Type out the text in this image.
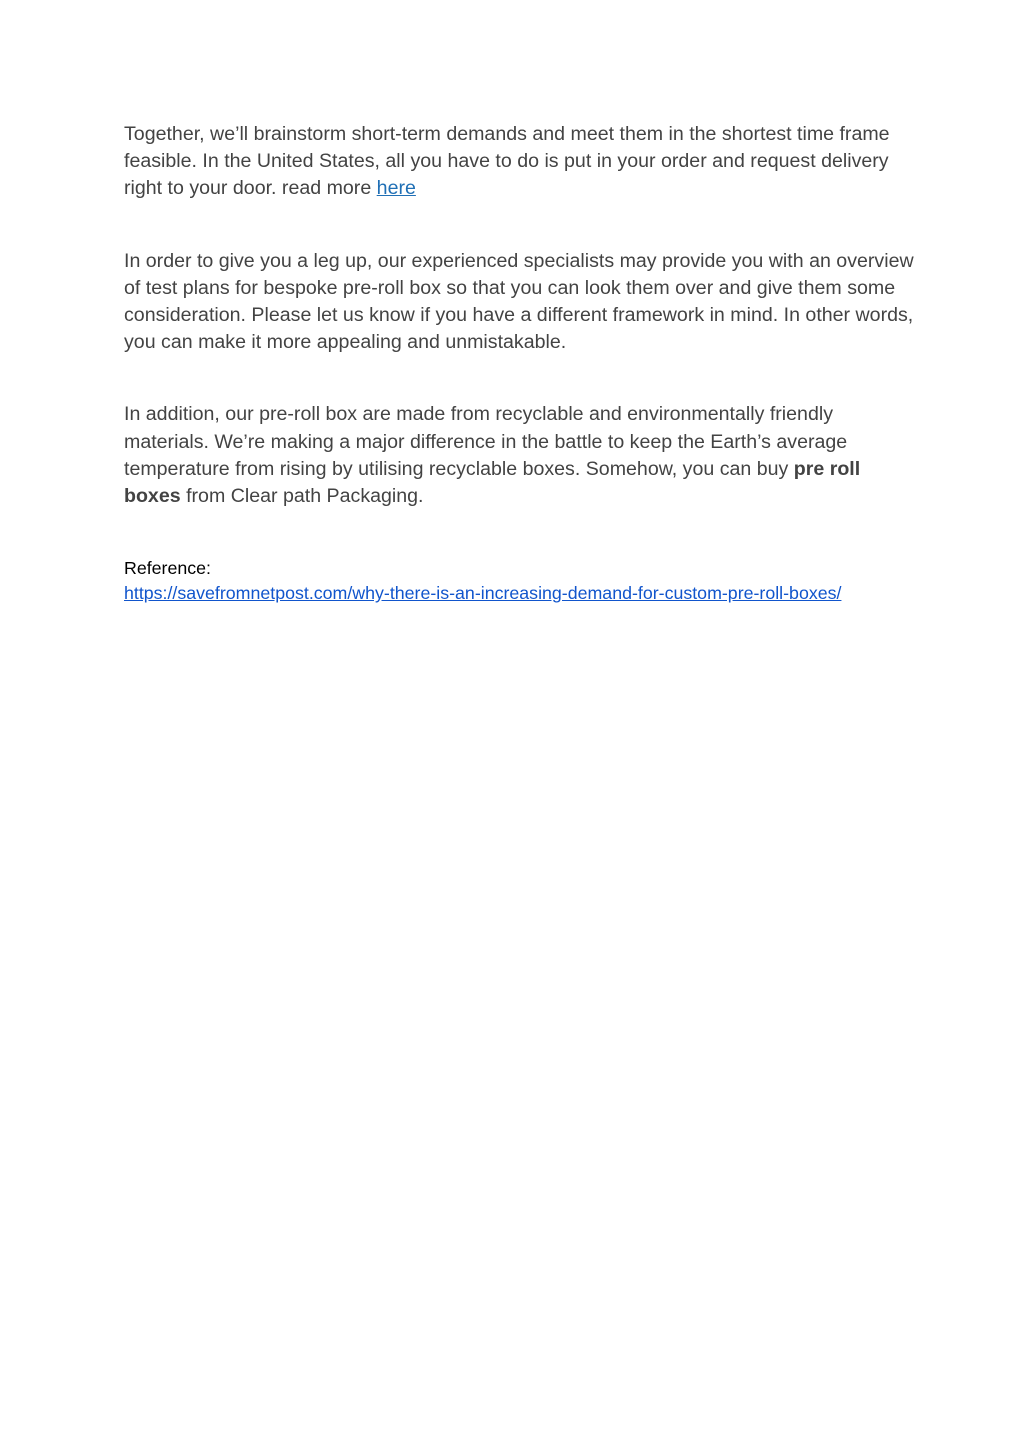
Together, we’ll brainstorm short-term demands and meet them in the shortest time frame feasible. In the United States, all you have to do is put in your order and request delivery right to your door. read more here

In order to give you a leg up, our experienced specialists may provide you with an overview of test plans for bespoke pre-roll box so that you can look them over and give them some consideration. Please let us know if you have a different framework in mind. In other words, you can make it more appealing and unmistakable.

In addition, our pre-roll box are made from recyclable and environmentally friendly materials. We’re making a major difference in the battle to keep the Earth’s average temperature from rising by utilising recyclable boxes. Somehow, you can buy pre roll boxes from Clear path Packaging.

Reference:

https://savefromnetpost.com/why-there-is-an-increasing-demand-for-custom-pre-roll-boxes/
